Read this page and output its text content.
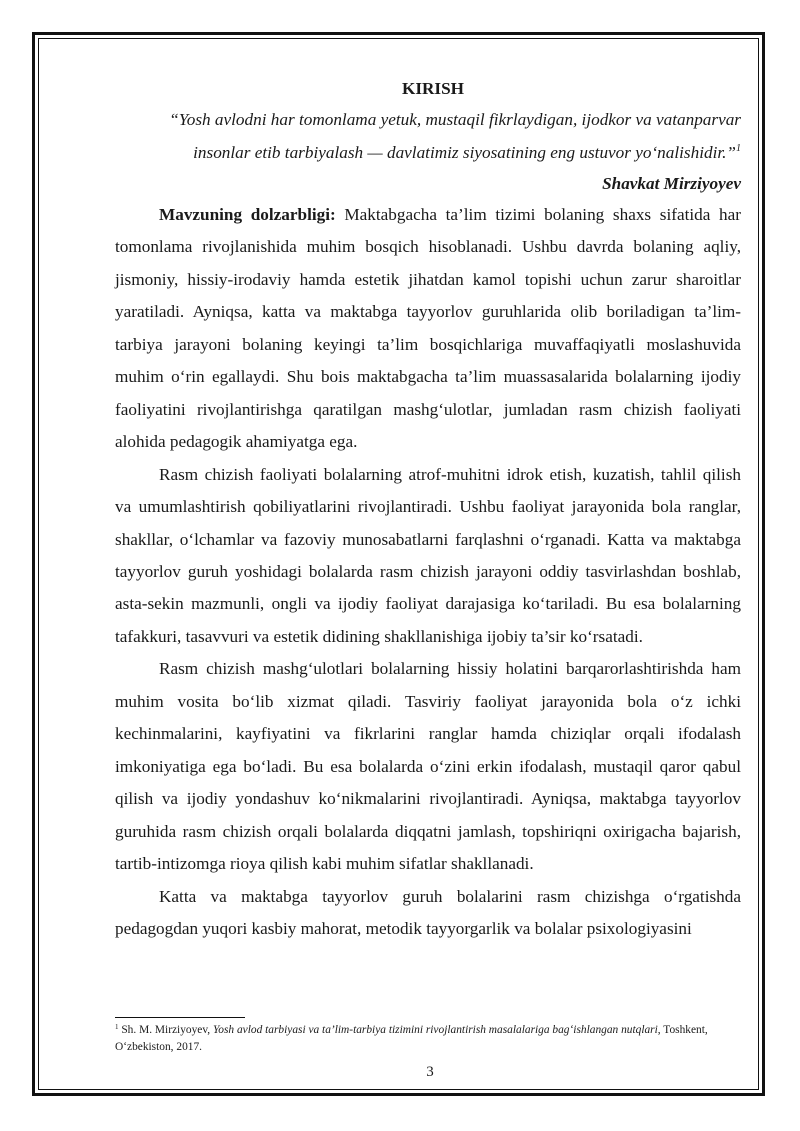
KIRISH

“Yosh avlodni har tomonlama yetuk, mustaqil fikrlaydigan, ijodkor va vatanparvar insonlar etib tarbiyalash — davlatimiz siyosatining eng ustuvor yo‘nalishidir.”$^1$

Shavkat Mirziyoyev

Mavzuning dolzarbligi: Maktabgacha ta’lim tizimi bolaning shaxs sifatida har tomonlama rivojlanishida muhim bosqich hisoblanadi. Ushbu davrda bolaning aqliy, jismoniy, hissiy-irodaviy hamda estetik jihatdan kamol topishi uchun zarur sharoitlar yaratiladi. Ayniqsa, katta va maktabga tayyorlov guruhlarida olib boriladigan ta’lim-tarbiya jarayoni bolaning keyingi ta’lim bosqichlariga muvaffaqiyatli moslashuvida muhim o‘rin egallaydi. Shu bois maktabgacha ta’lim muassasalarida bolalarning ijodiy faoliyatini rivojlantirishga qaratilgan mashg‘ulotlar, jumladan rasm chizish faoliyati alohida pedagogik ahamiyatga ega.

Rasm chizish faoliyati bolalarning atrof-muhitni idrok etish, kuzatish, tahlil qilish va umumlashtirish qobiliyatlarini rivojlantiradi. Ushbu faoliyat jarayonida bola ranglar, shakllar, o‘lchamlar va fazoviy munosabatlarni farqlashni o‘rganadi. Katta va maktabga tayyorlov guruh yoshidagi bolalarda rasm chizish jarayoni oddiy tasvirlashdan boshlab, asta-sekin mazmunli, ongli va ijodiy faoliyat darajasiga ko‘tariladi. Bu esa bolalarning tafakkuri, tasavvuri va estetik didining shakllanishiga ijobiy ta’sir ko‘rsatadi.

Rasm chizish mashg‘ulotlari bolalarning hissiy holatini barqarorlashtirishda ham muhim vosita bo‘lib xizmat qiladi. Tasviriy faoliyat jarayonida bola o‘z ichki kechinmalarini, kayfiyatini va fikrlarini ranglar hamda chiziqlar orqali ifodalash imkoniyatiga ega bo‘ladi. Bu esa bolalarda o‘zini erkin ifodalash, mustaqil qaror qabul qilish va ijodiy yondashuv ko‘nikmalarini rivojlantiradi. Ayniqsa, maktabga tayyorlov guruhida rasm chizish orqali bolalarda diqqatni jamlash, topshiriqni oxirigacha bajarish, tartib-intizomga rioya qilish kabi muhim sifatlar shakllanadi.

Katta va maktabga tayyorlov guruh bolalarini rasm chizishga o‘rgatishda pedagogdan yuqori kasbiy mahorat, metodik tayyorgarlik va bolalar psixologiyasini

$^1$ Sh. M. Mirziyoyev, Yosh avlod tarbiyasi va ta’lim-tarbiya tizimini rivojlantirish masalalariga bag‘ishlangan nutqlari, Toshkent, O‘zbekiston, 2017.

3
